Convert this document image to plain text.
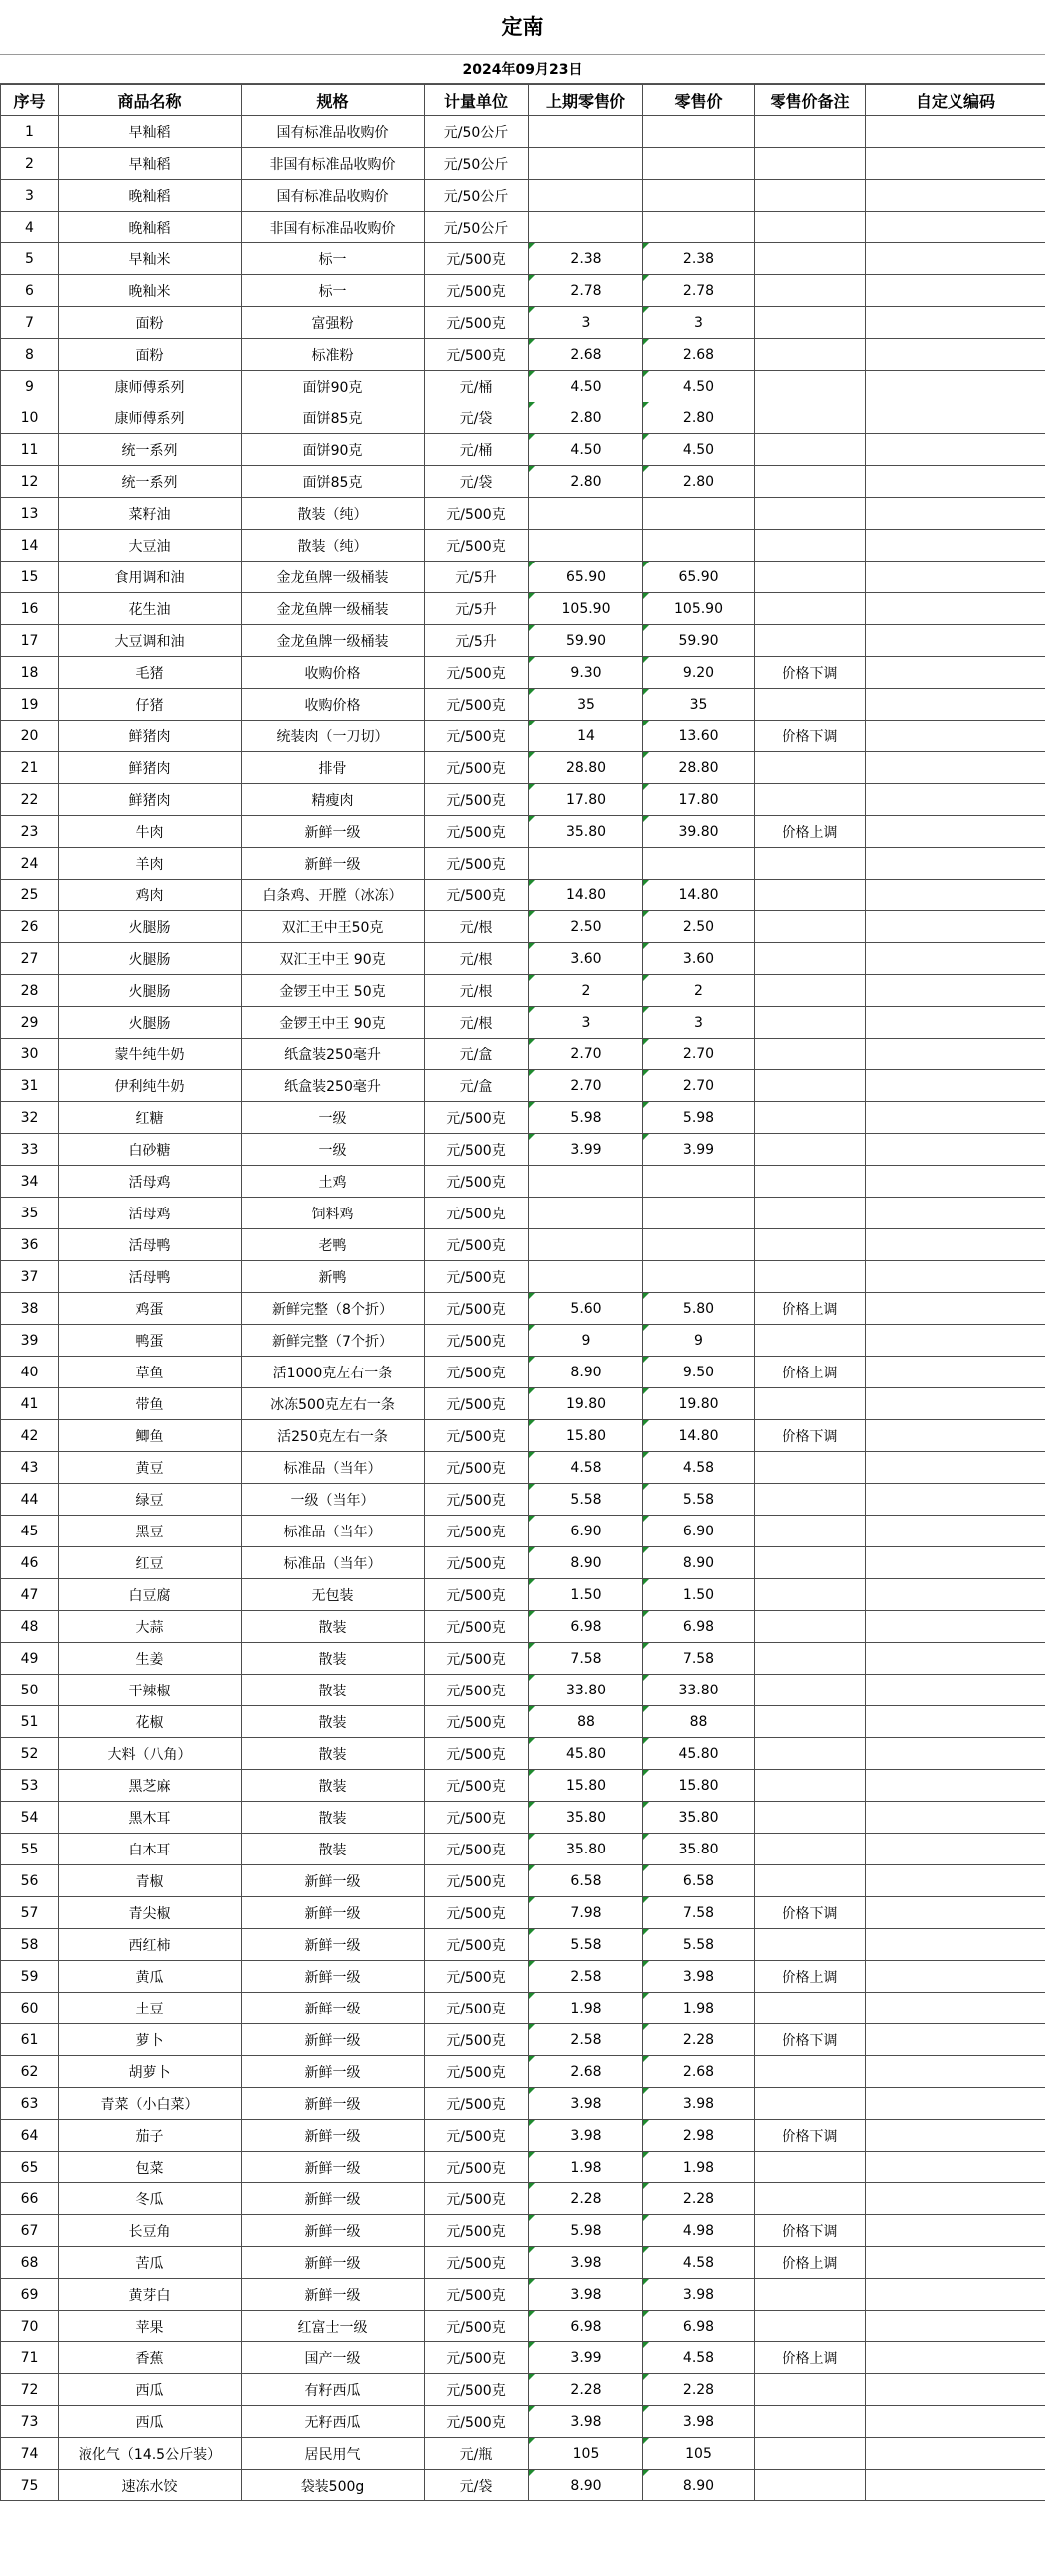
定南
2024年09月23日
序号	商品名称	规格	计量单位	上期零售价	零售价	零售价备注	自定义编码
1	早籼稻	国有标准品收购价	元/50公斤				
2	早籼稻	非国有标准品收购价	元/50公斤				
3	晚籼稻	国有标准品收购价	元/50公斤				
4	晚籼稻	非国有标准品收购价	元/50公斤				
5	早籼米	标一	元/500克	2.38	2.38		
6	晚籼米	标一	元/500克	2.78	2.78		
7	面粉	富强粉	元/500克	3	3		
8	面粉	标准粉	元/500克	2.68	2.68		
9	康师傅系列	面饼90克	元/桶	4.50	4.50		
10	康师傅系列	面饼85克	元/袋	2.80	2.80		
11	统一系列	面饼90克	元/桶	4.50	4.50		
12	统一系列	面饼85克	元/袋	2.80	2.80		
13	菜籽油	散装（纯）	元/500克				
14	大豆油	散装（纯）	元/500克				
15	食用调和油	金龙鱼牌一级桶装	元/5升	65.90	65.90		
16	花生油	金龙鱼牌一级桶装	元/5升	105.90	105.90		
17	大豆调和油	金龙鱼牌一级桶装	元/5升	59.90	59.90		
18	毛猪	收购价格	元/500克	9.30	9.20	价格下调	
19	仔猪	收购价格	元/500克	35	35		
20	鲜猪肉	统装肉（一刀切）	元/500克	14	13.60	价格下调	
21	鲜猪肉	排骨	元/500克	28.80	28.80		
22	鲜猪肉	精瘦肉	元/500克	17.80	17.80		
23	牛肉	新鲜一级	元/500克	35.80	39.80	价格上调	
24	羊肉	新鲜一级	元/500克				
25	鸡肉	白条鸡、开膛（冰冻）	元/500克	14.80	14.80		
26	火腿肠	双汇王中王50克	元/根	2.50	2.50		
27	火腿肠	双汇王中王 90克	元/根	3.60	3.60		
28	火腿肠	金锣王中王 50克	元/根	2	2		
29	火腿肠	金锣王中王 90克	元/根	3	3		
30	蒙牛纯牛奶	纸盒装250毫升	元/盒	2.70	2.70		
31	伊利纯牛奶	纸盒装250毫升	元/盒	2.70	2.70		
32	红糖	一级	元/500克	5.98	5.98		
33	白砂糖	一级	元/500克	3.99	3.99		
34	活母鸡	土鸡	元/500克				
35	活母鸡	饲料鸡	元/500克				
36	活母鸭	老鸭	元/500克				
37	活母鸭	新鸭	元/500克				
38	鸡蛋	新鲜完整（8个折）	元/500克	5.60	5.80	价格上调	
39	鸭蛋	新鲜完整（7个折）	元/500克	9	9		
40	草鱼	活1000克左右一条	元/500克	8.90	9.50	价格上调	
41	带鱼	冰冻500克左右一条	元/500克	19.80	19.80		
42	鲫鱼	活250克左右一条	元/500克	15.80	14.80	价格下调	
43	黄豆	标准品（当年）	元/500克	4.58	4.58		
44	绿豆	一级（当年）	元/500克	5.58	5.58		
45	黑豆	标准品（当年）	元/500克	6.90	6.90		
46	红豆	标准品（当年）	元/500克	8.90	8.90		
47	白豆腐	无包装	元/500克	1.50	1.50		
48	大蒜	散装	元/500克	6.98	6.98		
49	生姜	散装	元/500克	7.58	7.58		
50	干辣椒	散装	元/500克	33.80	33.80		
51	花椒	散装	元/500克	88	88		
52	大料（八角）	散装	元/500克	45.80	45.80		
53	黑芝麻	散装	元/500克	15.80	15.80		
54	黑木耳	散装	元/500克	35.80	35.80		
55	白木耳	散装	元/500克	35.80	35.80		
56	青椒	新鲜一级	元/500克	6.58	6.58		
57	青尖椒	新鲜一级	元/500克	7.98	7.58	价格下调	
58	西红柿	新鲜一级	元/500克	5.58	5.58		
59	黄瓜	新鲜一级	元/500克	2.58	3.98	价格上调	
60	土豆	新鲜一级	元/500克	1.98	1.98		
61	萝卜	新鲜一级	元/500克	2.58	2.28	价格下调	
62	胡萝卜	新鲜一级	元/500克	2.68	2.68		
63	青菜（小白菜）	新鲜一级	元/500克	3.98	3.98		
64	茄子	新鲜一级	元/500克	3.98	2.98	价格下调	
65	包菜	新鲜一级	元/500克	1.98	1.98		
66	冬瓜	新鲜一级	元/500克	2.28	2.28		
67	长豆角	新鲜一级	元/500克	5.98	4.98	价格下调	
68	苦瓜	新鲜一级	元/500克	3.98	4.58	价格上调	
69	黄芽白	新鲜一级	元/500克	3.98	3.98		
70	苹果	红富士一级	元/500克	6.98	6.98		
71	香蕉	国产一级	元/500克	3.99	4.58	价格上调	
72	西瓜	有籽西瓜	元/500克	2.28	2.28		
73	西瓜	无籽西瓜	元/500克	3.98	3.98		
74	液化气（14.5公斤装）	居民用气	元/瓶	105	105		
75	速冻水饺	袋装500g	元/袋	8.90	8.90		
